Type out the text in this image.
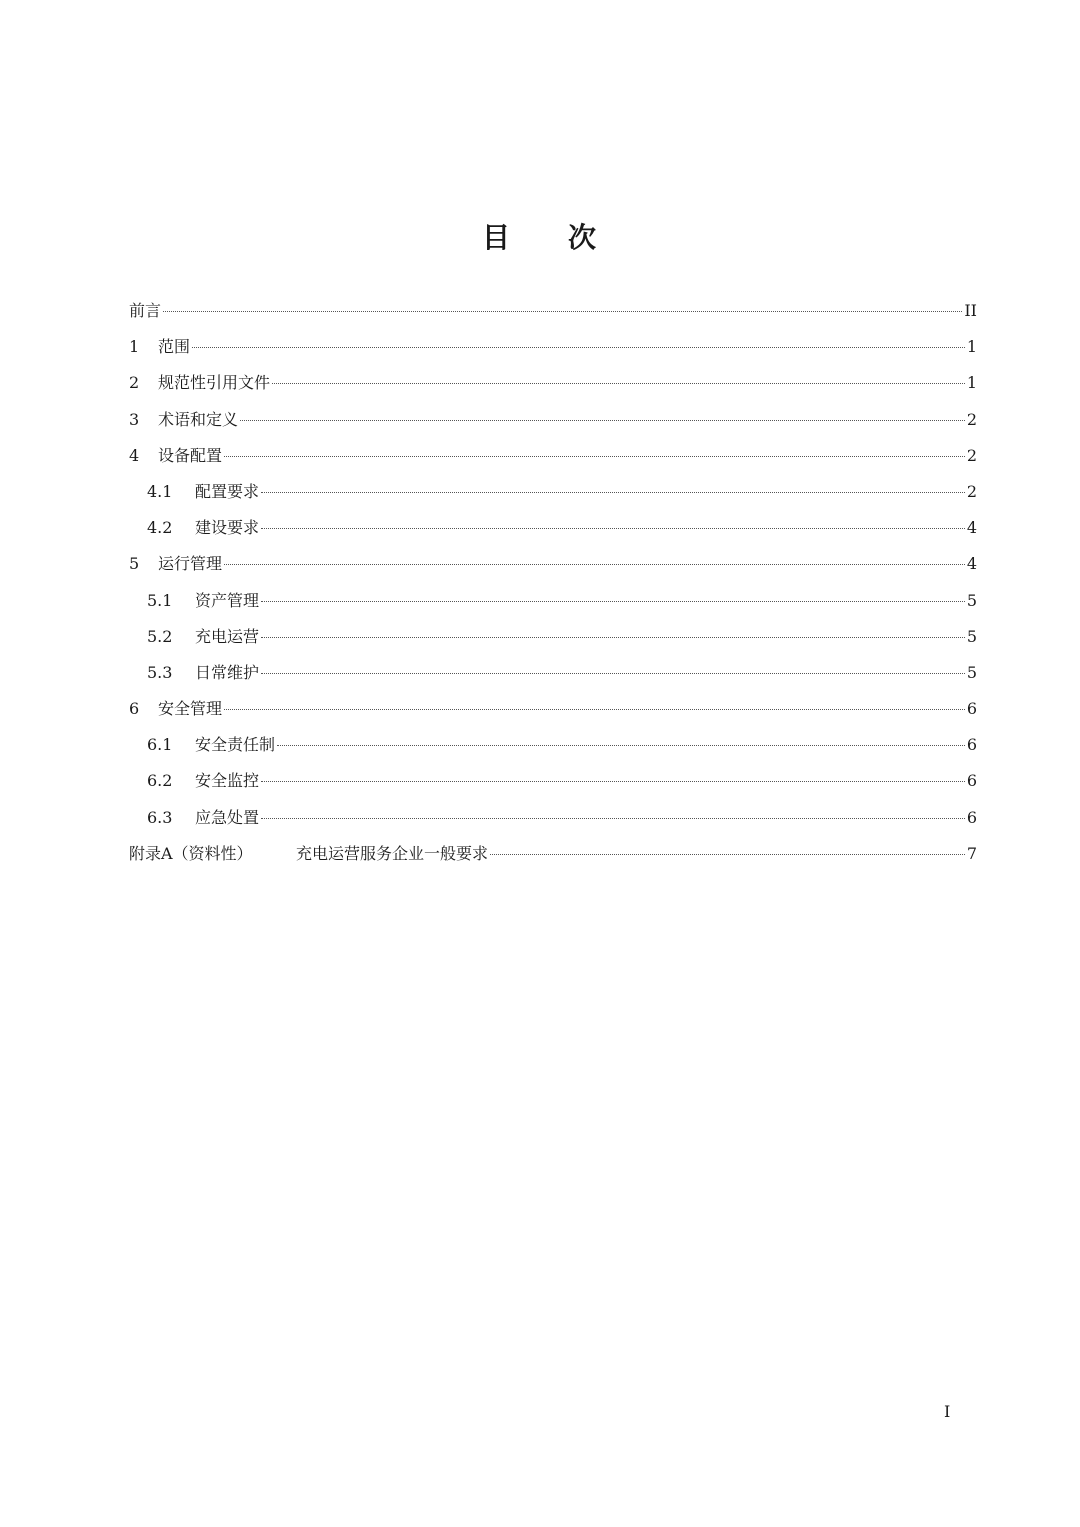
目 次
前言	II
1	范围	1
2	规范性引用文件	1
3	术语和定义	2
4	设备配置	2
4.1	配置要求	2
4.2	建设要求	4
5	运行管理	4
5.1	资产管理	5
5.2	充电运营	5
5.3	日常维护	5
6	安全管理	6
6.1	安全责任制	6
6.2	安全监控	6
6.3	应急处置	6
附录A（资料性）	充电运营服务企业一般要求	7
I
